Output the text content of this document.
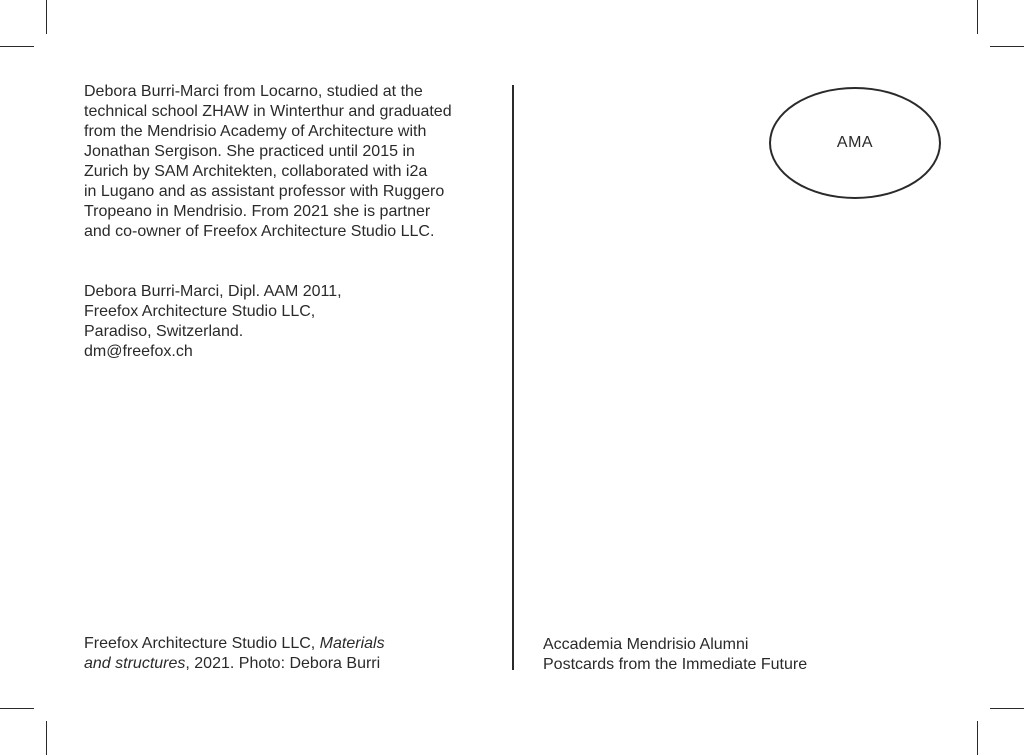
Debora Burri-Marci from Locarno, studied at the
technical school ZHAW in Winterthur and graduated
from the Mendrisio Academy of Architecture with
Jonathan Sergison. She practiced until 2015 in
Zurich by SAM Architekten, collaborated with i2a
in Lugano and as assistant professor with Ruggero
Tropeano in Mendrisio. From 2021 she is partner
and co-owner of Freefox Architecture Studio LLC.
Debora Burri-Marci, Dipl. AAM 2011,
Freefox Architecture Studio LLC,
Paradiso, Switzerland.
dm@freefox.ch
Freefox Architecture Studio LLC, Materials
and structures, 2021. Photo: Debora Burri
AMA
Accademia Mendrisio Alumni
Postcards from the Immediate Future
